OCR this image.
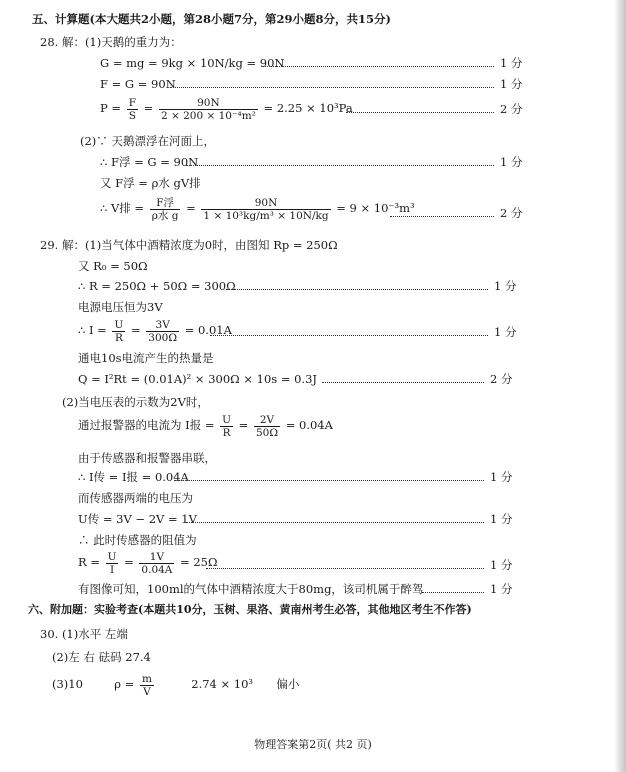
五、计算题(本大题共2小题，第28小题7分，第29小题8分，共15分)
28. 解：(1)天鹅的重力为：
G = mg = 9kg × 10N/kg = 90N	1 分
F = G = 90N	1 分
$P = \frac{F}{S} = \frac{90N}{\text{2 × 200 × 10⁻⁴m²}} = 2.25 \times 10^3Pa$	2 分
(2)∵ 天鹅漂浮在河面上，
∴ F浮 = G = 90N	1 分
又 F浮 = ρ水 gV排
∴ V排 = $\frac{\text{F浮}}{\text{ρ水 g}} = \frac{90N}{\text{1 × 10³kg/m³ × 10N/kg}} = 9 \times 10^{-3}m^3$	2 分
29. 解：(1)当气体中酒精浓度为0时，由图知 Rp = 250Ω
又 R₀ = 50Ω
∴ R = 250Ω + 50Ω = 300Ω	1 分
电源电压恒为3V
∴ $I = \frac{U}{R} = \frac{3V}{300\Omega} = 0.01A$	1 分
通电10s电流产生的热量是
Q = I²Rt = (0.01A)² × 300Ω × 10s = 0.3J	2 分
(2)当电压表的示数为2V时，
通过报警器的电流为 I报 = $\frac{U}{R} = \frac{2V}{50\Omega} = 0.04A$
由于传感器和报警器串联，
∴ I传 = I报 = 0.04A	1 分
而传感器两端的电压为
U传 = 3V − 2V = 1V	1 分
∴ 此时传感器的阻值为
$R = \frac{U}{I} = \frac{1V}{0.04A} = 25\Omega$	1 分
有图像可知，100ml的气体中酒精浓度大于80mg，该司机属于醉驾	1 分
六、附加题：实验考查(本题共10分，玉树、果洛、黄南州考生必答，其他地区考生不作答)
30. (1)水平 左端
(2)左 右 砝码 27.4
(3)10	$\rho = \frac{m}{V}$	2.74 × 10³ 偏小
物理答案第2页( 共2 页)
